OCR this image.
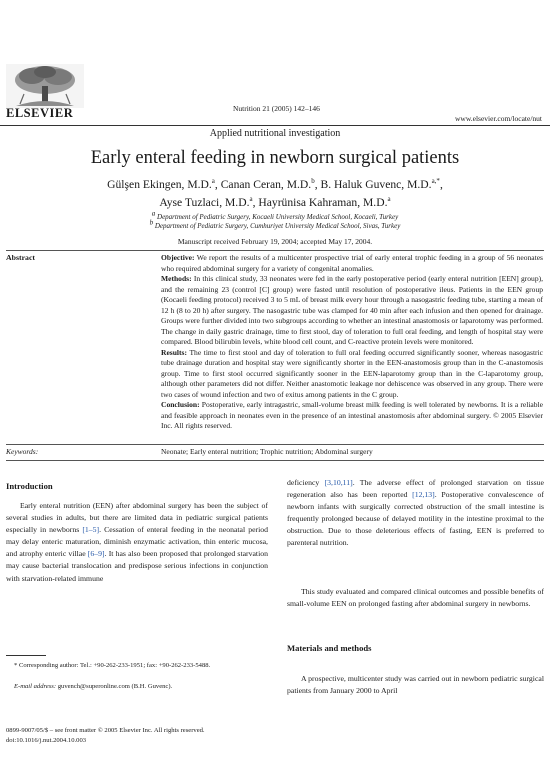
ELSEVIER	Nutrition 21 (2005) 142–146
www.elsevier.com/locate/nut
Applied nutritional investigation
Early enteral feeding in newborn surgical patients
Gülşen Ekingen, M.D.$^a$, Canan Ceran, M.D.$^b$, B. Haluk Guvenc, M.D.$^{a,*}$,
Ayse Tuzlaci, M.D.$^a$, Hayrünisa Kahraman, M.D.$^a$
$^a$ Department of Pediatric Surgery, Kocaeli University Medical School, Kocaeli, Turkey
$^b$ Department of Pediatric Surgery, Cumhuriyet University Medical School, Sivas, Turkey
Manuscript received February 19, 2004; accepted May 17, 2004.
Abstract	Objective: We report the results of a multicenter prospective trial of early enteral trophic feeding in a group of 56 neonates who required abdominal surgery for a variety of congenital anomalies.
Methods: In this clinical study, 33 neonates were fed in the early postoperative period (early enteral nutrition [EEN] group), and the remaining 23 (control [C] group) were fasted until resolution of postoperative ileus. Patients in the EEN group (Kocaeli feeding protocol) received 3 to 5 mL of breast milk every hour through a nasogastric feeding tube, starting a mean of 12 h (8 to 20 h) after surgery. The nasogastric tube was clamped for 40 min after each infusion and then opened for drainage. Groups were further divided into two subgroups according to whether an intestinal anastomosis or laparotomy was performed. The change in daily gastric drainage, time to first stool, day of toleration to full oral feeding, and length of hospital stay were compared. Blood bilirubin levels, white blood cell count, and C-reactive protein levels were monitored.
Results: The time to first stool and day of toleration to full oral feeding occurred significantly sooner, whereas nasogastric tube drainage duration and hospital stay were significantly shorter in the EEN-anastomosis group than in the C-anastomosis group. Time to first stool occurred significantly sooner in the EEN-laparotomy group than in the C-laparotomy group, although other parameters did not differ. Neither anastomotic leakage nor dehiscence was observed in any group. There were two cases of wound infection and two of exitus among patients in the C group.
Conclusion: Postoperative, early intragastric, small-volume breast milk feeding is well tolerated by newborns. It is a reliable and feasible approach in neonates even in the presence of an intestinal anastomosis after abdominal surgery. © 2005 Elsevier Inc. All rights reserved.
Keywords:	Neonate; Early enteral nutrition; Trophic nutrition; Abdominal surgery
Introduction
Early enteral nutrition (EEN) after abdominal surgery has been the subject of several studies in adults, but there are limited data in pediatric surgical patients especially in newborns [1–5]. Cessation of enteral feeding in the neonatal period may delay enteric maturation, diminish enzymatic activation, thin enteric mucosa, and atrophy enteric villae [6–9]. It has also been proposed that prolonged starvation may cause bacterial translocation and predispose serious infections in conjunction with starvation-related immune
* Corresponding author: Tel.: +90-262-233-1951; fax: +90-262-233-5488.
E-mail address: guvench@superonline.com (B.H. Guvenc).
deficiency [3,10,11]. The adverse effect of prolonged starvation on tissue regeneration also has been reported [12,13]. Postoperative convalescence of newborn infants with surgically corrected obstruction of the small intestine is frequently prolonged because of delayed motility in the intestine proximal to the obstruction. Due to those deleterious effects of fasting, EEN is preferred to parenteral nutrition.
This study evaluated and compared clinical outcomes and possible benefits of small-volume EEN on prolonged fasting after abdominal surgery in newborns.
Materials and methods
A prospective, multicenter study was carried out in newborn pediatric surgical patients from January 2000 to April
0899-9007/05/$ – see front matter © 2005 Elsevier Inc. All rights reserved.
doi:10.1016/j.nut.2004.10.003
